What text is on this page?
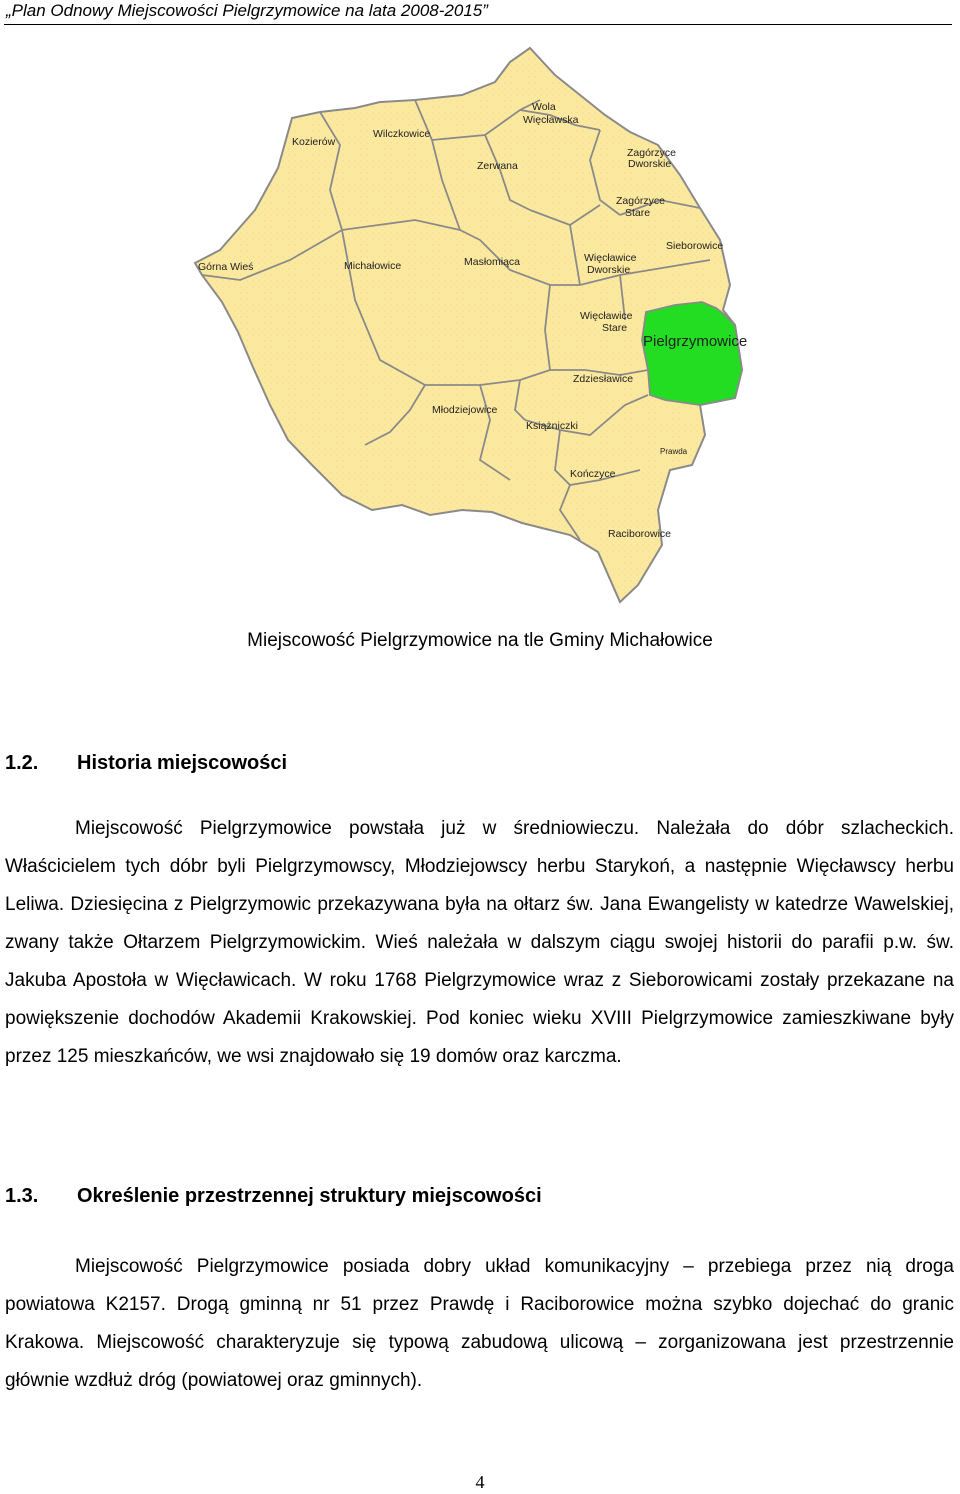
„Plan Odnowy Miejscowości Pielgrzymowice na lata 2008-2015”
Wola
Więcławska
Kozierów
Wilczkowice
Zerwana
Zagórzyce
Dworskie
Zagórzyce
Stare
Sieborowice
Górna Wieś	Michałowice	Masłomiąca	Więcławice
Dworskie
Więcławice
Stare
Pielgrzymowice
Zdziesławice
Młodziejowice
Książniczki
Prawda
Kończyce
Raciborowice
Miejscowość Pielgrzymowice na tle Gminy Michałowice
1.2. Historia miejscowości

Miejscowość Pielgrzymowice powstała już w średniowieczu. Należała do dóbr szlacheckich. Właścicielem tych dóbr byli Pielgrzymowscy, Młodziejowscy herbu Starykoń, a następnie Więcławscy herbu Leliwa. Dziesięcina z Pielgrzymowic przekazywana była na ołtarz św. Jana Ewangelisty w katedrze Wawelskiej, zwany także Ołtarzem Pielgrzymowickim. Wieś należała w dalszym ciągu swojej historii do parafii p.w. św. Jakuba Apostoła w Więcławicach. W roku 1768 Pielgrzymowice wraz z Sieborowicami zostały przekazane na powiększenie dochodów Akademii Krakowskiej. Pod koniec wieku XVIII Pielgrzymowice zamieszkiwane były przez 125 mieszkańców, we wsi znajdowało się 19 domów oraz karczma.

1.3. Określenie przestrzennej struktury miejscowości

Miejscowość Pielgrzymowice posiada dobry układ komunikacyjny – przebiega przez nią droga powiatowa K2157. Drogą gminną nr 51 przez Prawdę i Raciborowice można szybko dojechać do granic Krakowa. Miejscowość charakteryzuje się typową zabudową ulicową – zorganizowana jest przestrzennie głównie wzdłuż dróg (powiatowej oraz gminnych).

4
